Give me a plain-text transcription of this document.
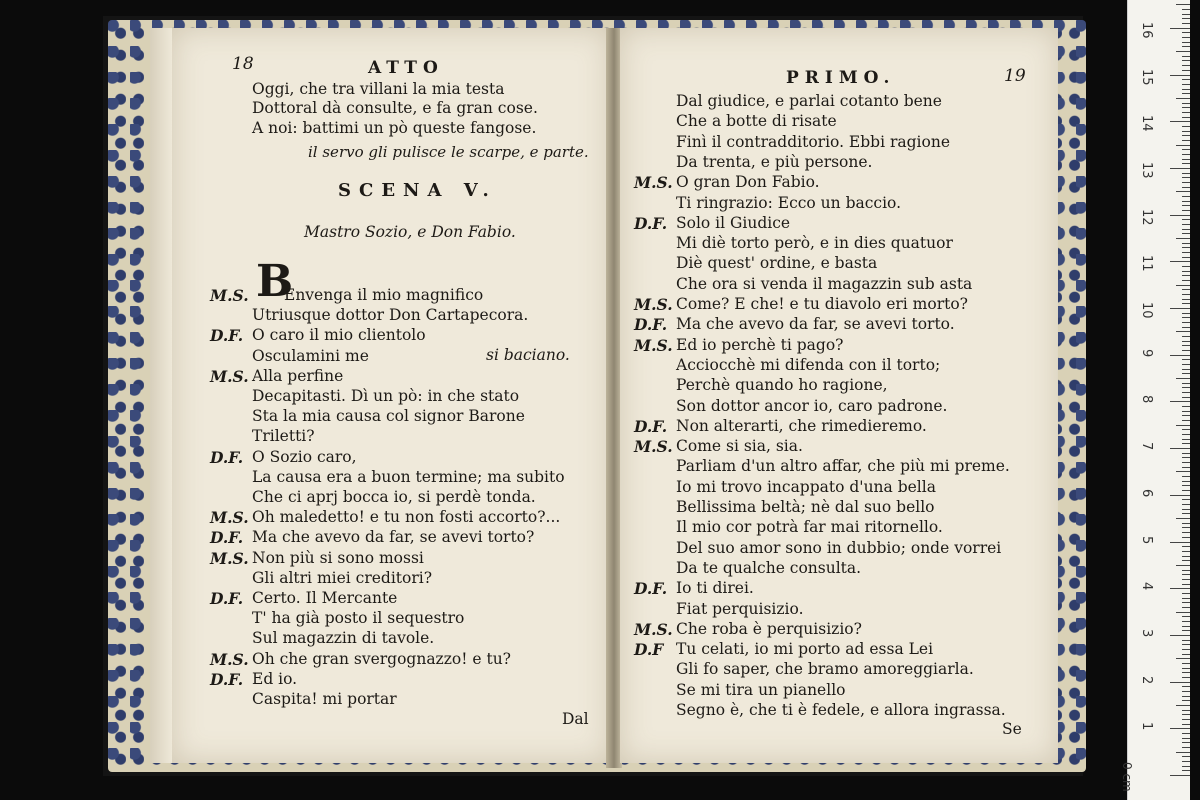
18	ATTO
Oggi, che tra villani la mia testa
Dottoral dà consulte, e fa gran cose.
A noi: battimi un pò queste fangose.
il servo gli pulisce le scarpe, e parte.
SCENA V.
Mastro Sozio, e Don Fabio.
B
M.S. Envenga il mio magnifico
Utriusque dottor Don Cartapecora.
D.F. O caro il mio clientolo
Osculamini me
M.S. Alla perfine
Decapitasti. Dì un pò: in che stato
Sta la mia causa col signor Barone
Triletti?
D.F. O Sozio caro,
La causa era a buon termine; ma subito
Che ci aprj bocca io, si perdè tonda.
M.S. Oh maledetto! e tu non fosti accorto?...
D.F. Ma che avevo da far, se avevi torto?
M.S. Non più si sono mossi
Gli altri miei creditori?
D.F. Certo. Il Mercante
T' ha già posto il sequestro
Sul magazzin di tavole.
M.S. Oh che gran svergognazzo! e tu?
D.F. Ed io.
Caspita! mi portar
si baciano.
Dal
PRIMO.	19
Dal giudice, e parlai cotanto bene
Che a botte di risate
Finì il contradditorio. Ebbi ragione
Da trenta, e più persone.
M.S. O gran Don Fabio.
Ti ringrazio: Ecco un baccio.
D.F. Solo il Giudice
Mi diè torto però, e in dies quatuor
Diè quest' ordine, e basta
Che ora si venda il magazzin sub asta
M.S. Come? E che! e tu diavolo eri morto?
D.F. Ma che avevo da far, se avevi torto.
M.S. Ed io perchè ti pago?
Acciocchè mi difenda con il torto;
Perchè quando ho ragione,
Son dottor ancor io, caro padrone.
D.F. Non alterarti, che rimedieremo.
M.S. Come si sia, sia.
Parliam d'un altro affar, che più mi preme.
Io mi trovo incappato d'una bella
Bellissima beltà; nè dal suo bello
Il mio cor potrà far mai ritornello.
Del suo amor sono in dubbio; onde vorrei
Da te qualche consulta.
D.F. Io ti direi.
Fiat perquisizio.
M.S. Che roba è perquisizio?
D.F Tu celati, io mi porto ad essa Lei
Gli fo saper, che bramo amoreggiarla.
Se mi tira un pianello
Segno è, che ti è fedele, e allora ingrassa.
Se
0 cm
16
15
14
13
12
11
10
9
8
7
6
5
4
3
2
1
